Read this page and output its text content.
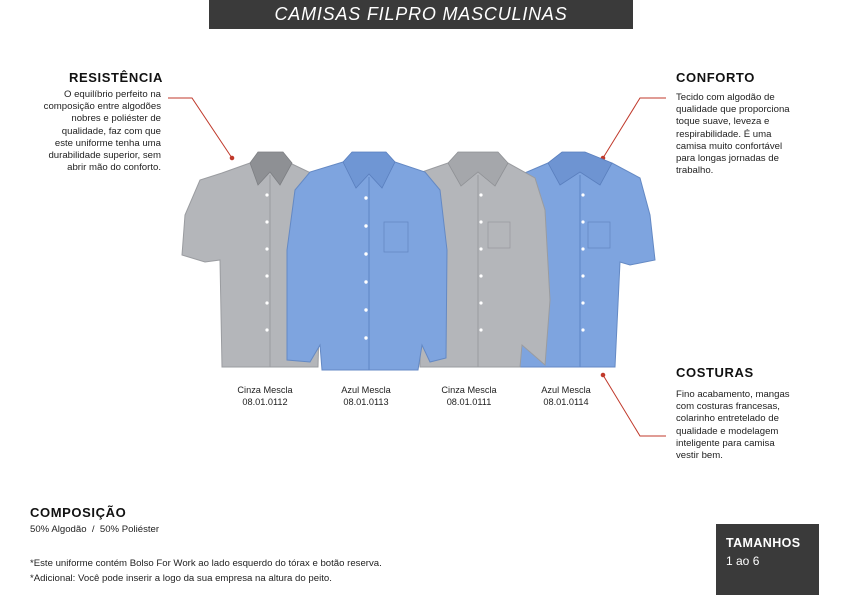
CAMISAS FILPRO MASCULINAS
RESISTÊNCIA
O equilíbrio perfeito na
composição entre algodões
nobres e poliéster de
qualidade, faz com que
este uniforme tenha uma
durabilidade superior, sem
abrir mão do conforto.
CONFORTO
Tecido com algodão de
qualidade que proporciona
toque suave, leveza e
respirabilidade. É uma
camisa muito confortável
para longas jornadas de
trabalho.
COSTURAS
Fino acabamento, mangas
com costuras francesas,
colarinho entretelado de
qualidade e modelagem
inteligente para camisa
vestir bem.
Cinza Mescla
08.01.0112
Azul Mescla
08.01.0113
Cinza Mescla
08.01.0111
Azul Mescla
08.01.0114
COMPOSIÇÃO
50% Algodão  /  50% Poliéster
*Este uniforme contém Bolso For Work ao lado esquerdo do tórax e botão reserva.
*Adicional: Você pode inserir a logo da sua empresa na altura do peito.
TAMANHOS
1 ao 6
